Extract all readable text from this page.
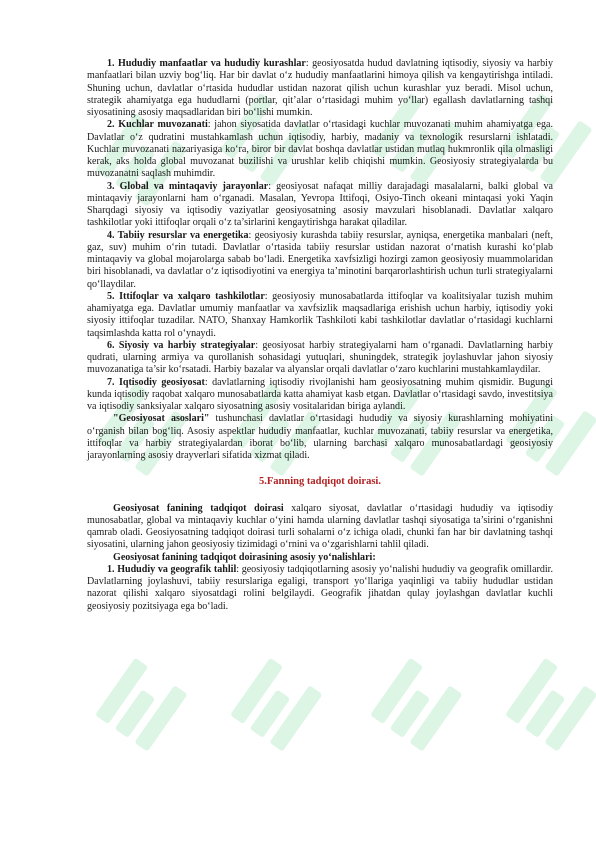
1. Hududiy manfaatlar va hududiy kurashlar: geosiyosatda hudud davlatning iqtisodiy, siyosiy va harbiy manfaatlari bilan uzviy bog‘liq. Har bir davlat o‘z hududiy manfaatlarini himoya qilish va kengaytirishga intiladi. Shuning uchun, davlatlar o‘rtasida hududlar ustidan nazorat qilish uchun kurashlar yuz beradi. Misol uchun, strategik ahamiyatga ega hududlarni (portlar, qit’alar o‘rtasidagi muhim yo‘llar) egallash davlatlarning tashqi siyosatining asosiy maqsadlaridan biri bo‘lishi mumkin.

2. Kuchlar muvozanati: jahon siyosatida davlatlar o‘rtasidagi kuchlar muvozanati muhim ahamiyatga ega. Davlatlar o‘z qudratini mustahkamlash uchun iqtisodiy, harbiy, madaniy va texnologik resurslarni ishlatadi. Kuchlar muvozanati nazariyasiga ko‘ra, biror bir davlat boshqa davlatlar ustidan mutlaq hukmronlik qila olmasligi kerak, aks holda global muvozanat buzilishi va urushlar kelib chiqishi mumkin. Geosiyosiy strategiyalarda bu muvozanatni saqlash muhimdir.

3. Global va mintaqaviy jarayonlar: geosiyosat nafaqat milliy darajadagi masalalarni, balki global va mintaqaviy jarayonlarni ham o‘rganadi. Masalan, Yevropa Ittifoqi, Osiyo-Tinch okeani mintaqasi yoki Yaqin Sharqdagi siyosiy va iqtisodiy vaziyatlar geosiyosatning asosiy mavzulari hisoblanadi. Davlatlar xalqaro tashkilotlar yoki ittifoqlar orqali o‘z ta’sirlarini kengaytirishga harakat qiladilar.

4. Tabiiy resurslar va energetika: geosiyosiy kurashda tabiiy resurslar, ayniqsa, energetika manbalari (neft, gaz, suv) muhim o‘rin tutadi. Davlatlar o‘rtasida tabiiy resurslar ustidan nazorat o‘rnatish kurashi ko‘plab mintaqaviy va global mojarolarga sabab bo‘ladi. Energetika xavfsizligi hozirgi zamon geosiyosiy muammolaridan biri hisoblanadi, va davlatlar o‘z iqtisodiyotini va energiya ta’minotini barqarorlashtirish uchun turli strategiyalarni qo‘llaydilar.

5. Ittifoqlar va xalqaro tashkilotlar: geosiyosiy munosabatlarda ittifoqlar va koalitsiyalar tuzish muhim ahamiyatga ega. Davlatlar umumiy manfaatlar va xavfsizlik maqsadlariga erishish uchun harbiy, iqtisodiy yoki siyosiy ittifoqlar tuzadilar. NATO, Shanxay Hamkorlik Tashkiloti kabi tashkilotlar davlatlar o‘rtasidagi kuchlarni taqsimlashda katta rol o‘ynaydi.

6. Siyosiy va harbiy strategiyalar: geosiyosat harbiy strategiyalarni ham o‘rganadi. Davlatlarning harbiy qudrati, ularning armiya va qurollanish sohasidagi yutuqlari, shuningdek, strategik joylashuvlar jahon siyosiy muvozanatiga ta’sir ko‘rsatadi. Harbiy bazalar va alyanslar orqali davlatlar o‘zaro kuchlarini mustahkamlaydilar.

7. Iqtisodiy geosiyosat: davlatlarning iqtisodiy rivojlanishi ham geosiyosatning muhim qismidir. Bugungi kunda iqtisodiy raqobat xalqaro munosabatlarda katta ahamiyat kasb etgan. Davlatlar o‘rtasidagi savdo, investitsiya va iqtisodiy sanksiyalar xalqaro siyosatning asosiy vositalaridan biriga aylandi.

"Geosiyosat asoslari" tushunchasi davlatlar o‘rtasidagi hududiy va siyosiy kurashlarning mohiyatini o‘rganish bilan bog‘liq. Asosiy aspektlar hududiy manfaatlar, kuchlar muvozanati, tabiiy resurslar va energetika, ittifoqlar va harbiy strategiyalardan iborat bo‘lib, ularning barchasi xalqaro munosabatlardagi geosiyosiy jarayonlarning asosiy drayverlari sifatida xizmat qiladi.

5.Fanning tadqiqot doirasi.

Geosiyosat fanining tadqiqot doirasi xalqaro siyosat, davlatlar o‘rtasidagi hududiy va iqtisodiy munosabatlar, global va mintaqaviy kuchlar o‘yini hamda ularning davlatlar tashqi siyosatiga ta’sirini o‘rganishni qamrab oladi. Geosiyosatning tadqiqot doirasi turli sohalarni o‘z ichiga oladi, chunki fan har bir davlatning tashqi siyosatini, ularning jahon geosiyosiy tizimidagi o‘rnini va o‘zgarishlarni tahlil qiladi.

Geosiyosat fanining tadqiqot doirasining asosiy yo‘nalishlari:

1. Hududiy va geografik tahlil: geosiyosiy tadqiqotlarning asosiy yo‘nalishi hududiy va geografik omillardir. Davlatlarning joylashuvi, tabiiy resurslariga egaligi, transport yo‘llariga yaqinligi va tabiiy hududlar ustidan nazorat qilishi xalqaro siyosatdagi rolini belgilaydi. Geografik jihatdan qulay joylashgan davlatlar kuchli geosiyosiy pozitsiyaga ega bo‘ladi.
